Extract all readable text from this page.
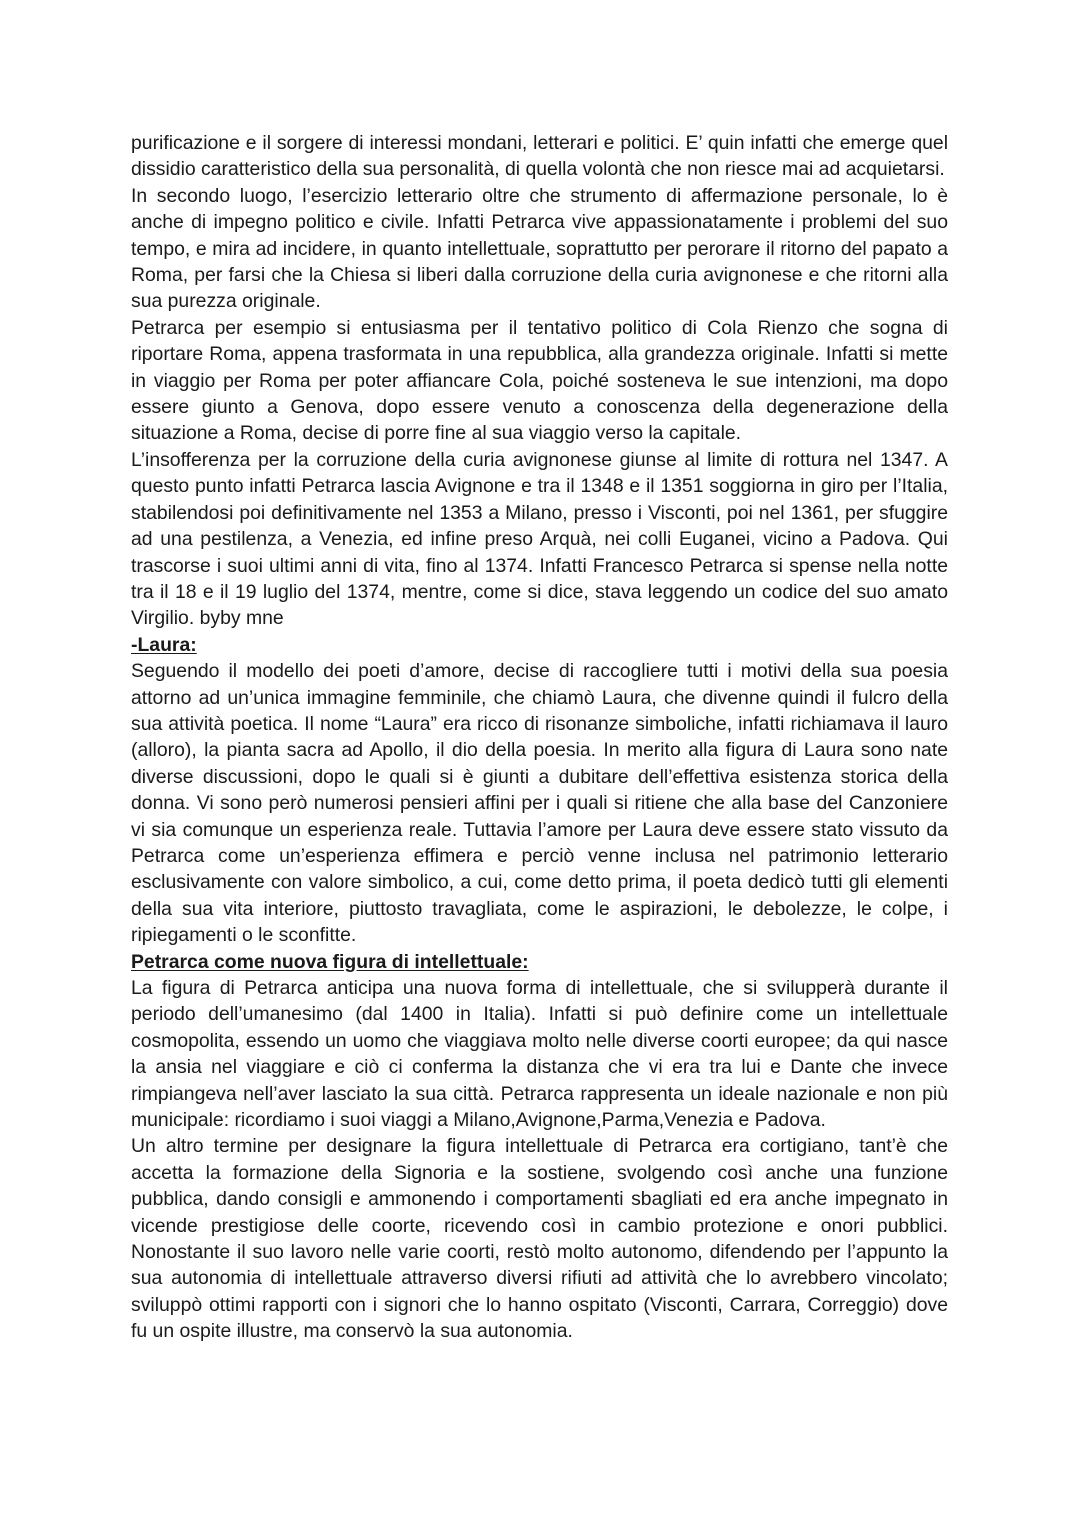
purificazione e il sorgere di interessi mondani, letterari e politici. E’ quin infatti che emerge quel dissidio caratteristico della sua personalità, di quella volontà che non riesce mai ad acquietarsi.

In secondo luogo, l’esercizio letterario oltre che strumento di affermazione personale, lo è anche di impegno politico e civile. Infatti Petrarca vive appassionatamente i problemi del suo tempo, e mira ad incidere, in quanto intellettuale, soprattutto per perorare il ritorno del papato a Roma, per farsi che la Chiesa si liberi dalla corruzione della curia avignonese e che ritorni alla sua purezza originale.

Petrarca per esempio si entusiasma per il tentativo politico di Cola Rienzo che sogna di riportare Roma, appena trasformata in una repubblica, alla grandezza originale. Infatti si mette in viaggio per Roma per poter affiancare Cola, poiché sosteneva le sue intenzioni, ma dopo essere giunto a Genova, dopo essere venuto a conoscenza della degenerazione della situazione a Roma, decise di porre fine al sua viaggio verso la capitale.

L’insofferenza per la corruzione della curia avignonese giunse al limite di rottura nel 1347. A questo punto infatti Petrarca lascia Avignone e tra il 1348 e il 1351 soggiorna in giro per l’Italia, stabilendosi poi definitivamente nel 1353 a Milano, presso i Visconti, poi nel 1361, per sfuggire ad una pestilenza, a Venezia, ed infine preso Arquà, nei colli Euganei, vicino a Padova. Qui trascorse i suoi ultimi anni di vita, fino al 1374. Infatti Francesco Petrarca si spense nella notte tra il 18 e il 19 luglio del 1374, mentre, come si dice, stava leggendo un codice del suo amato Virgilio. byby mne

-Laura:

Seguendo il modello dei poeti d’amore, decise di raccogliere tutti i motivi della sua poesia attorno ad un’unica immagine femminile, che chiamò Laura, che divenne quindi il fulcro della sua attività poetica. Il nome “Laura” era ricco di risonanze simboliche, infatti richiamava il lauro (alloro), la pianta sacra ad Apollo, il dio della poesia. In merito alla figura di Laura sono nate diverse discussioni, dopo le quali si è giunti a dubitare dell’effettiva esistenza storica della donna. Vi sono però numerosi pensieri affini per i quali si ritiene che alla base del Canzoniere vi sia comunque un esperienza reale. Tuttavia l’amore per Laura deve essere stato vissuto da Petrarca come un’esperienza effimera e perciò venne inclusa nel patrimonio letterario esclusivamente con valore simbolico, a cui, come detto prima, il poeta dedicò tutti gli elementi della sua vita interiore, piuttosto travagliata, come le aspirazioni, le debolezze, le colpe, i ripiegamenti o le sconfitte.

Petrarca come nuova figura di intellettuale:

La figura di Petrarca anticipa una nuova forma di intellettuale, che si svilupperà durante il periodo dell’umanesimo (dal 1400 in Italia). Infatti si può definire come un intellettuale cosmopolita, essendo un uomo che viaggiava molto nelle diverse coorti europee; da qui nasce la ansia nel viaggiare e ciò ci conferma la distanza che vi era tra lui e Dante che invece rimpiangeva nell’aver lasciato la sua città. Petrarca rappresenta un ideale nazionale e non più municipale: ricordiamo i suoi viaggi a Milano,Avignone,Parma,Venezia e Padova.

Un altro termine per designare la figura intellettuale di Petrarca era cortigiano, tant’è che accetta la formazione della Signoria e la sostiene, svolgendo così anche una funzione pubblica, dando consigli e ammonendo i comportamenti sbagliati ed era anche impegnato in vicende prestigiose delle coorte, ricevendo così in cambio protezione e onori pubblici. Nonostante il suo lavoro nelle varie coorti, restò molto autonomo, difendendo per l’appunto la sua autonomia di intellettuale attraverso diversi rifiuti ad attività che lo avrebbero vincolato; sviluppò ottimi rapporti con i signori che lo hanno ospitato (Visconti, Carrara, Correggio) dove fu un ospite illustre, ma conservò la sua autonomia.
